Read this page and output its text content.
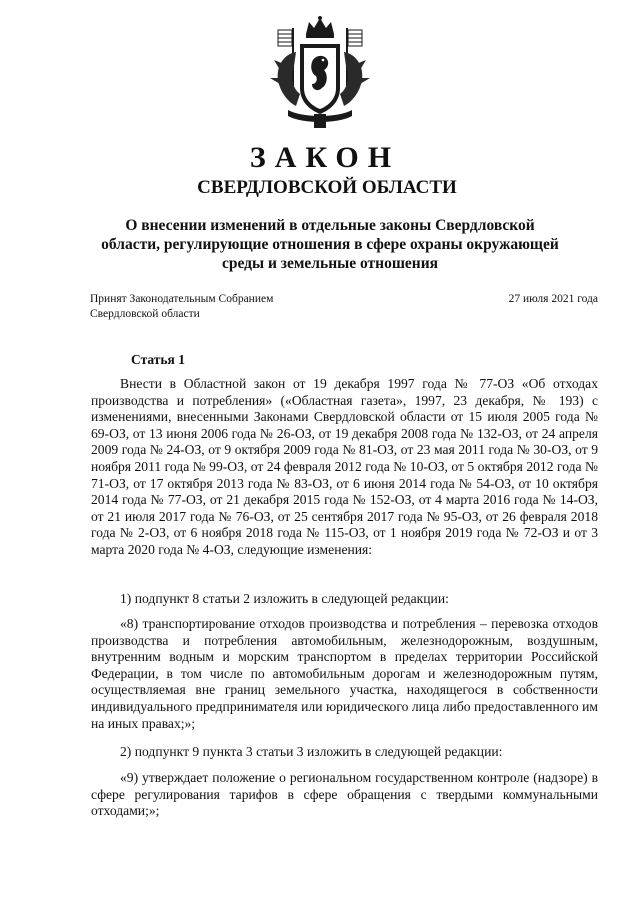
ЗАКОН
СВЕРДЛОВСКОЙ ОБЛАСТИ
О внесении изменений в отдельные законы Свердловской области, регулирующие отношения в сфере охраны окружающей среды и земельные отношения
Принят Законодательным Собранием
Свердловской области
27 июля 2021 года
Статья 1

Внести в Областной закон от 19 декабря 1997 года № 77-ОЗ «Об отходах производства и потребления» («Областная газета», 1997, 23 декабря, № 193) с изменениями, внесенными Законами Свердловской области от 15 июля 2005 года № 69-ОЗ, от 13 июня 2006 года № 26-ОЗ, от 19 декабря 2008 года № 132-ОЗ, от 24 апреля 2009 года № 24-ОЗ, от 9 октября 2009 года № 81-ОЗ, от 23 мая 2011 года № 30-ОЗ, от 9 ноября 2011 года № 99-ОЗ, от 24 февраля 2012 года № 10-ОЗ, от 5 октября 2012 года № 71-ОЗ, от 17 октября 2013 года № 83-ОЗ, от 6 июня 2014 года № 54-ОЗ, от 10 октября 2014 года № 77-ОЗ, от 21 декабря 2015 года № 152-ОЗ, от 4 марта 2016 года № 14-ОЗ, от 21 июля 2017 года № 76-ОЗ, от 25 сентября 2017 года № 95-ОЗ, от 26 февраля 2018 года № 2-ОЗ, от 6 ноября 2018 года № 115-ОЗ, от 1 ноября 2019 года № 72-ОЗ и от 3 марта 2020 года № 4-ОЗ, следующие изменения:

1) подпункт 8 статьи 2 изложить в следующей редакции:

«8) транспортирование отходов производства и потребления – перевозка отходов производства и потребления автомобильным, железнодорожным, воздушным, внутренним водным и морским транспортом в пределах территории Российской Федерации, в том числе по автомобильным дорогам и железнодорожным путям, осуществляемая вне границ земельного участка, находящегося в собственности индивидуального предпринимателя или юридического лица либо предоставленного им на иных правах;»;

2) подпункт 9 пункта 3 статьи 3 изложить в следующей редакции:

«9) утверждает положение о региональном государственном контроле (надзоре) в сфере регулирования тарифов в сфере обращения с твердыми коммунальными отходами;»;
